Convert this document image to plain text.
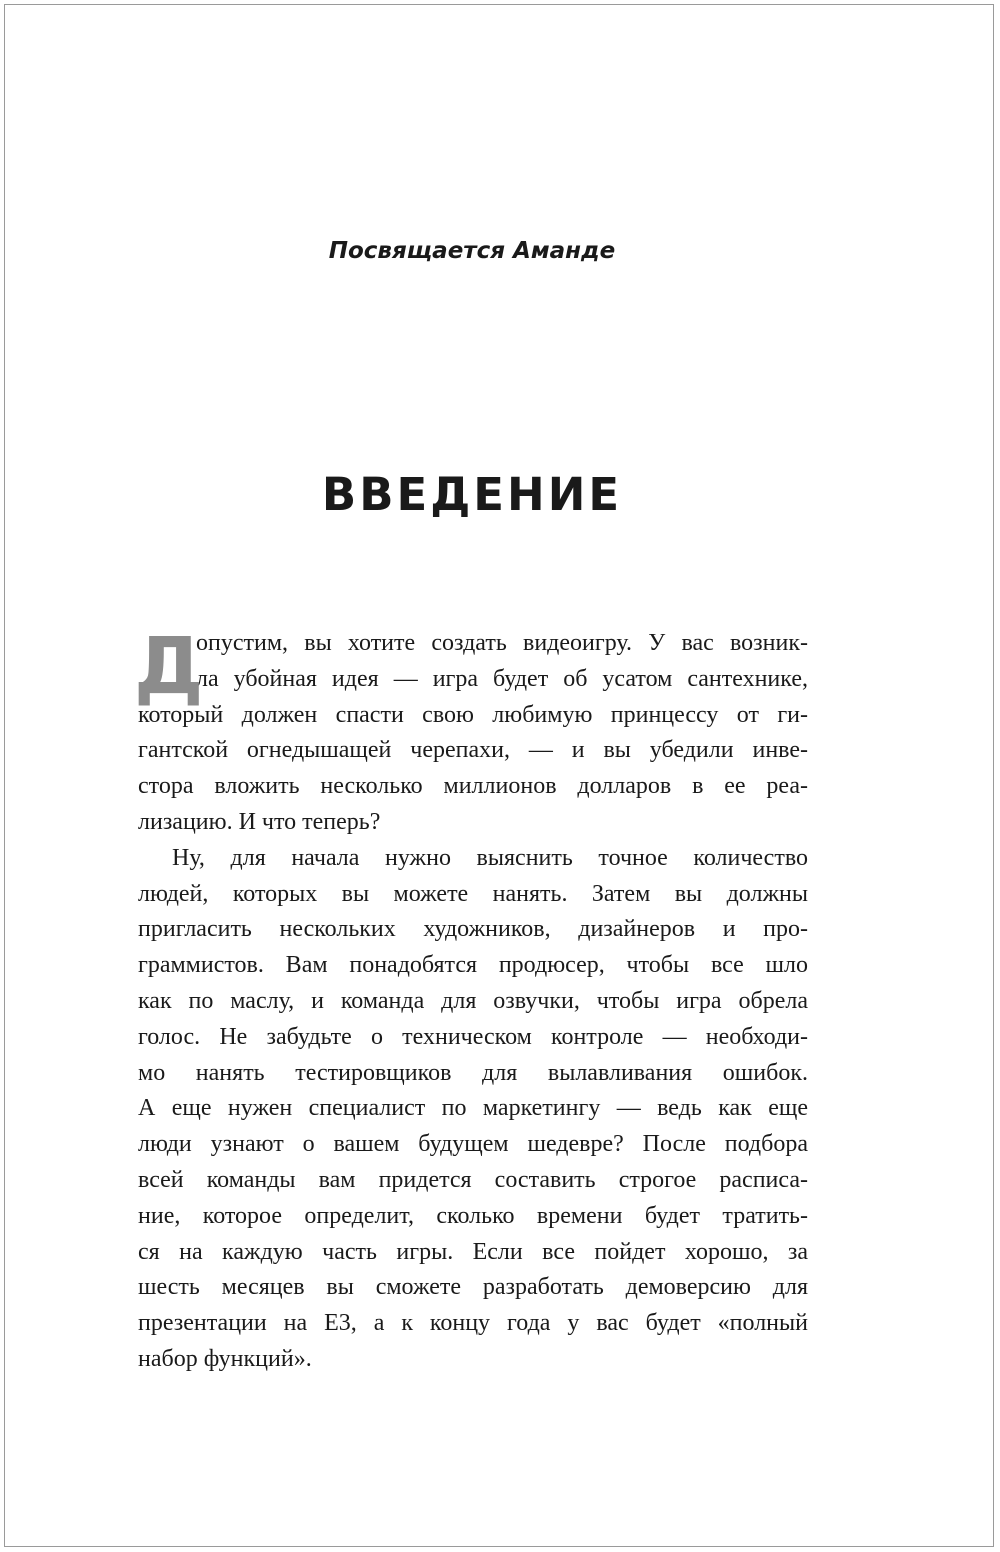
Посвящается Аманде
ВВЕДЕНИЕ
Д
опустим, вы хотите создать видеоигру. У вас возник-
ла убойная идея — игра будет об усатом сантехнике,
который должен спасти свою любимую принцессу от ги-
гантской огнедышащей черепахи, — и вы убедили инве-
стора вложить несколько миллионов долларов в ее реа-
лизацию. И что теперь?
Ну, для начала нужно выяснить точное количество
людей, которых вы можете нанять. Затем вы должны
пригласить нескольких художников, дизайнеров и про-
граммистов. Вам понадобятся продюсер, чтобы все шло
как по маслу, и команда для озвучки, чтобы игра обрела
голос. Не забудьте о техническом контроле — необходи-
мо нанять тестировщиков для вылавливания ошибок.
А еще нужен специалист по маркетингу — ведь как еще
люди узнают о вашем будущем шедевре? После подбора
всей команды вам придется составить строгое расписа-
ние, которое определит, сколько времени будет тратить-
ся на каждую часть игры. Если все пойдет хорошо, за
шесть месяцев вы сможете разработать демоверсию для
презентации на E3, а к концу года у вас будет «полный
набор функций».
